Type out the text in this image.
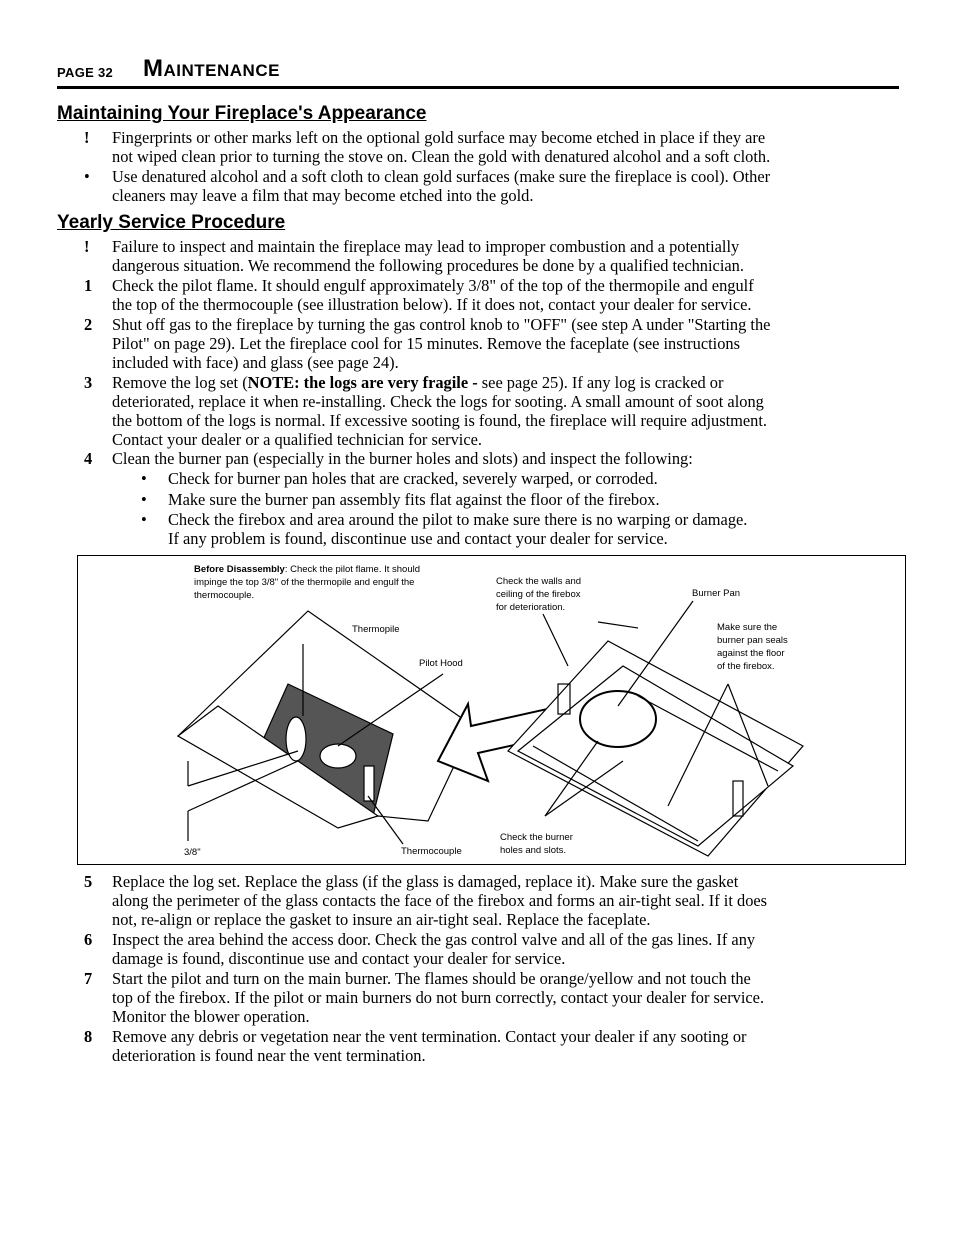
PAGE 32 Maintenance
Maintaining Your Fireplace's Appearance
! Fingerprints or other marks left on the optional gold surface may become etched in place if they are
not wiped clean prior to turning the stove on. Clean the gold with denatured alcohol and a soft cloth.
• Use denatured alcohol and a soft cloth to clean gold surfaces (make sure the fireplace is cool). Other
cleaners may leave a film that may become etched into the gold.
Yearly Service Procedure
! Failure to inspect and maintain the fireplace may lead to improper combustion and a potentially
dangerous situation. We recommend the following procedures be done by a qualified technician.
1 Check the pilot flame. It should engulf approximately 3/8" of the top of the thermopile and engulf
the top of the thermocouple (see illustration below). If it does not, contact your dealer for service.
2 Shut off gas to the fireplace by turning the gas control knob to "OFF" (see step A under "Starting the
Pilot" on page 29). Let the fireplace cool for 15 minutes. Remove the faceplate (see instructions
included with face) and glass (see page 24).
3 Remove the log set (NOTE: the logs are very fragile - see page 25). If any log is cracked or
deteriorated, replace it when re-installing. Check the logs for sooting. A small amount of soot along
the bottom of the logs is normal. If excessive sooting is found, the fireplace will require adjustment.
Contact your dealer or a qualified technician for service.
4 Clean the burner pan (especially in the burner holes and slots) and inspect the following:
• Check for burner pan holes that are cracked, severely warped, or corroded.
• Make sure the burner pan assembly fits flat against the floor of the firebox.
• Check the firebox and area around the pilot to make sure there is no warping or damage.
If any problem is found, discontinue use and contact your dealer for service.
Before Disassembly: Check the pilot flame. It should
impinge the top 3/8" of the thermopile and engulf the
thermocouple.
Check the walls and
ceiling of the firebox
for deterioration.
Burner Pan
Make sure the
burner pan seals
against the floor
of the firebox.
Thermopile
Pilot Hood
Check the burner
holes and slots.
3/8"	Thermocouple
5 Replace the log set. Replace the glass (if the glass is damaged, replace it). Make sure the gasket
along the perimeter of the glass contacts the face of the firebox and forms an air-tight seal. If it does
not, re-align or replace the gasket to insure an air-tight seal. Replace the faceplate.
6 Inspect the area behind the access door. Check the gas control valve and all of the gas lines. If any
damage is found, discontinue use and contact your dealer for service.
7 Start the pilot and turn on the main burner. The flames should be orange/yellow and not touch the
top of the firebox. If the pilot or main burners do not burn correctly, contact your dealer for service.
Monitor the blower operation.
8 Remove any debris or vegetation near the vent termination. Contact your dealer if any sooting or
deterioration is found near the vent termination.
